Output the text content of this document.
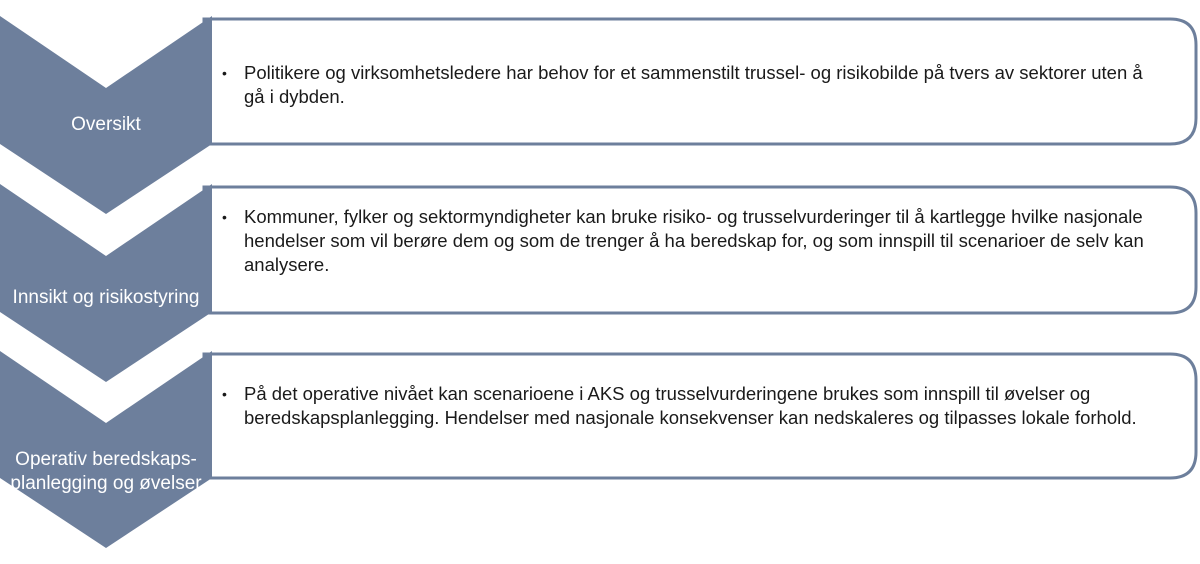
Oversikt
• Politikere og virksomhetsledere har behov for et sammenstilt trussel- og risikobilde på tvers av sektorer uten å gå i dybden.
Innsikt og risikostyring
• Kommuner, fylker og sektormyndigheter kan bruke risiko- og trusselvurderinger til å kartlegge hvilke nasjonale hendelser som vil berøre dem og som de trenger å ha beredskap for, og som innspill til scenarioer de selv kan analysere.
Operativ beredskaps-planlegging og øvelser
• På det operative nivået kan scenarioene i AKS og trusselvurderingene brukes som innspill til øvelser og beredskapsplanlegging. Hendelser med nasjonale konsekvenser kan nedskaleres og tilpasses lokale forhold.
